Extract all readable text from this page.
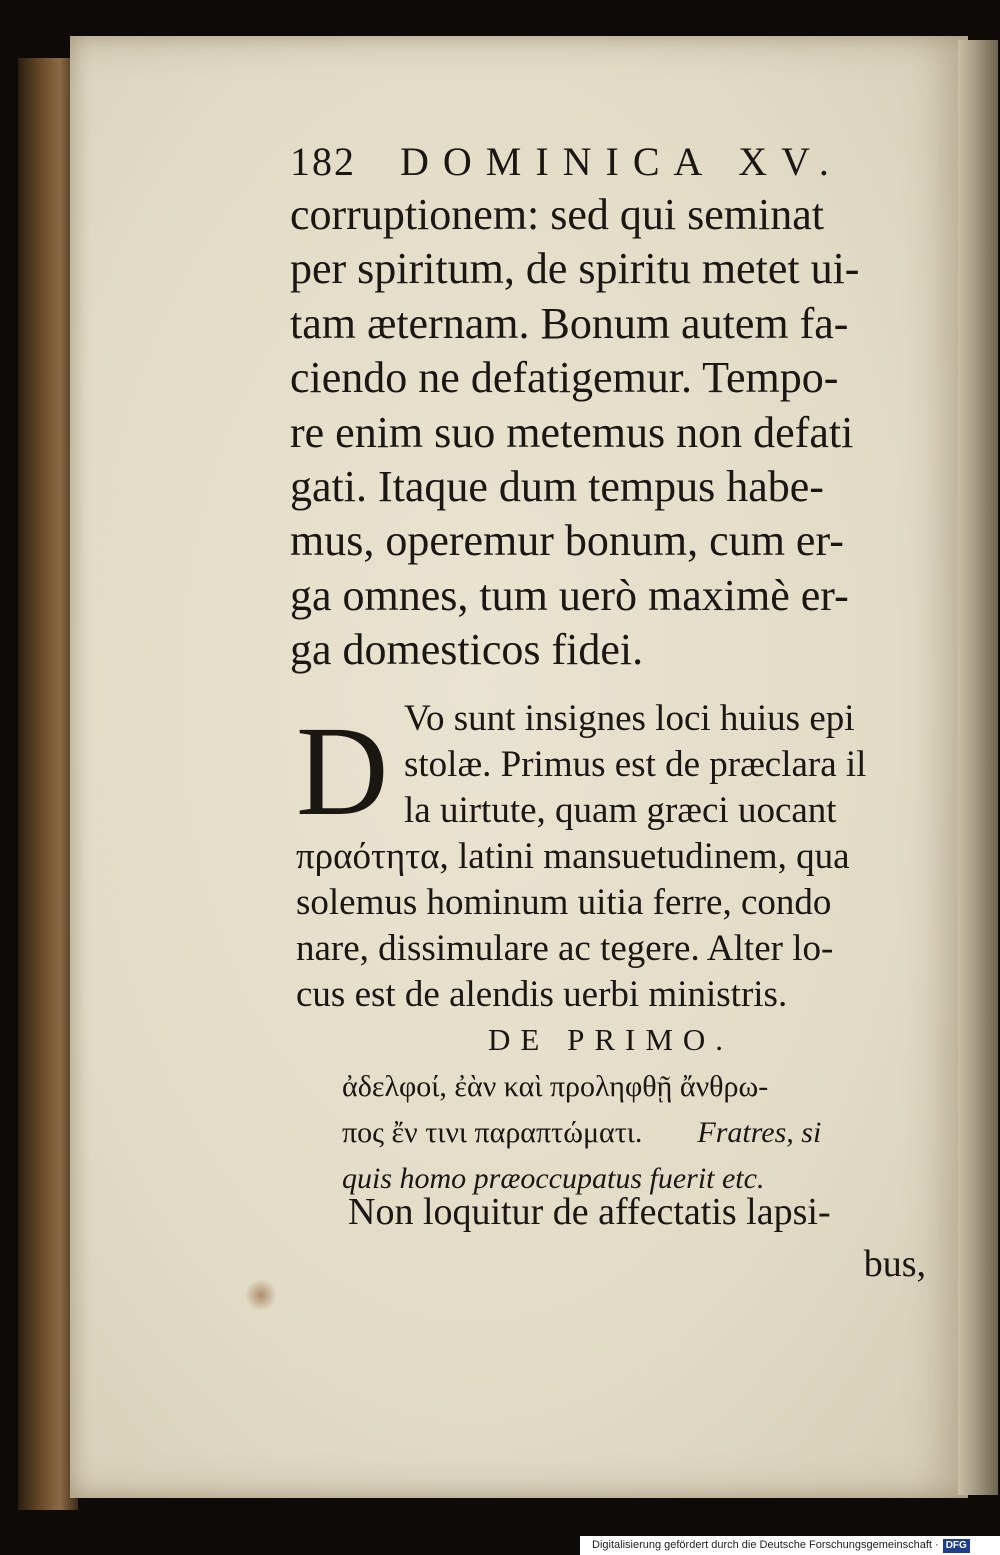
182 DOMINICA XV.
corruptionem: sed qui seminat
per spiritum, de spiritu metet ui-
tam æternam. Bonum autem fa-
ciendo ne defatigemur. Tempo-
re enim suo metemus non defati
gati. Itaque dum tempus habe-
mus, operemur bonum, cum er-
ga omnes, tum uerò maximè er-
ga domesticos fidei.
D Vo sunt insignes loci huius epi
stolæ. Primus est de præclara il
la uirtute, quam græci uocant
πραότητα, latini mansuetudinem, qua
solemus hominum uitia ferre, condo
nare, dissimulare ac tegere. Alter lo-
cus est de alendis uerbi ministris.
DE PRIMO.
ἀδελφοί, ἐὰν καὶ προληφθῇ ἄνθρω-
πος ἔν τινι παραπτώματι. Fratres, si
quis homo præoccupatus fuerit etc.
Non loquitur de affectatis lapsi-
bus,
Digitalisierung gefördert durch die Deutsche Forschungsgemeinschaft · DFG
